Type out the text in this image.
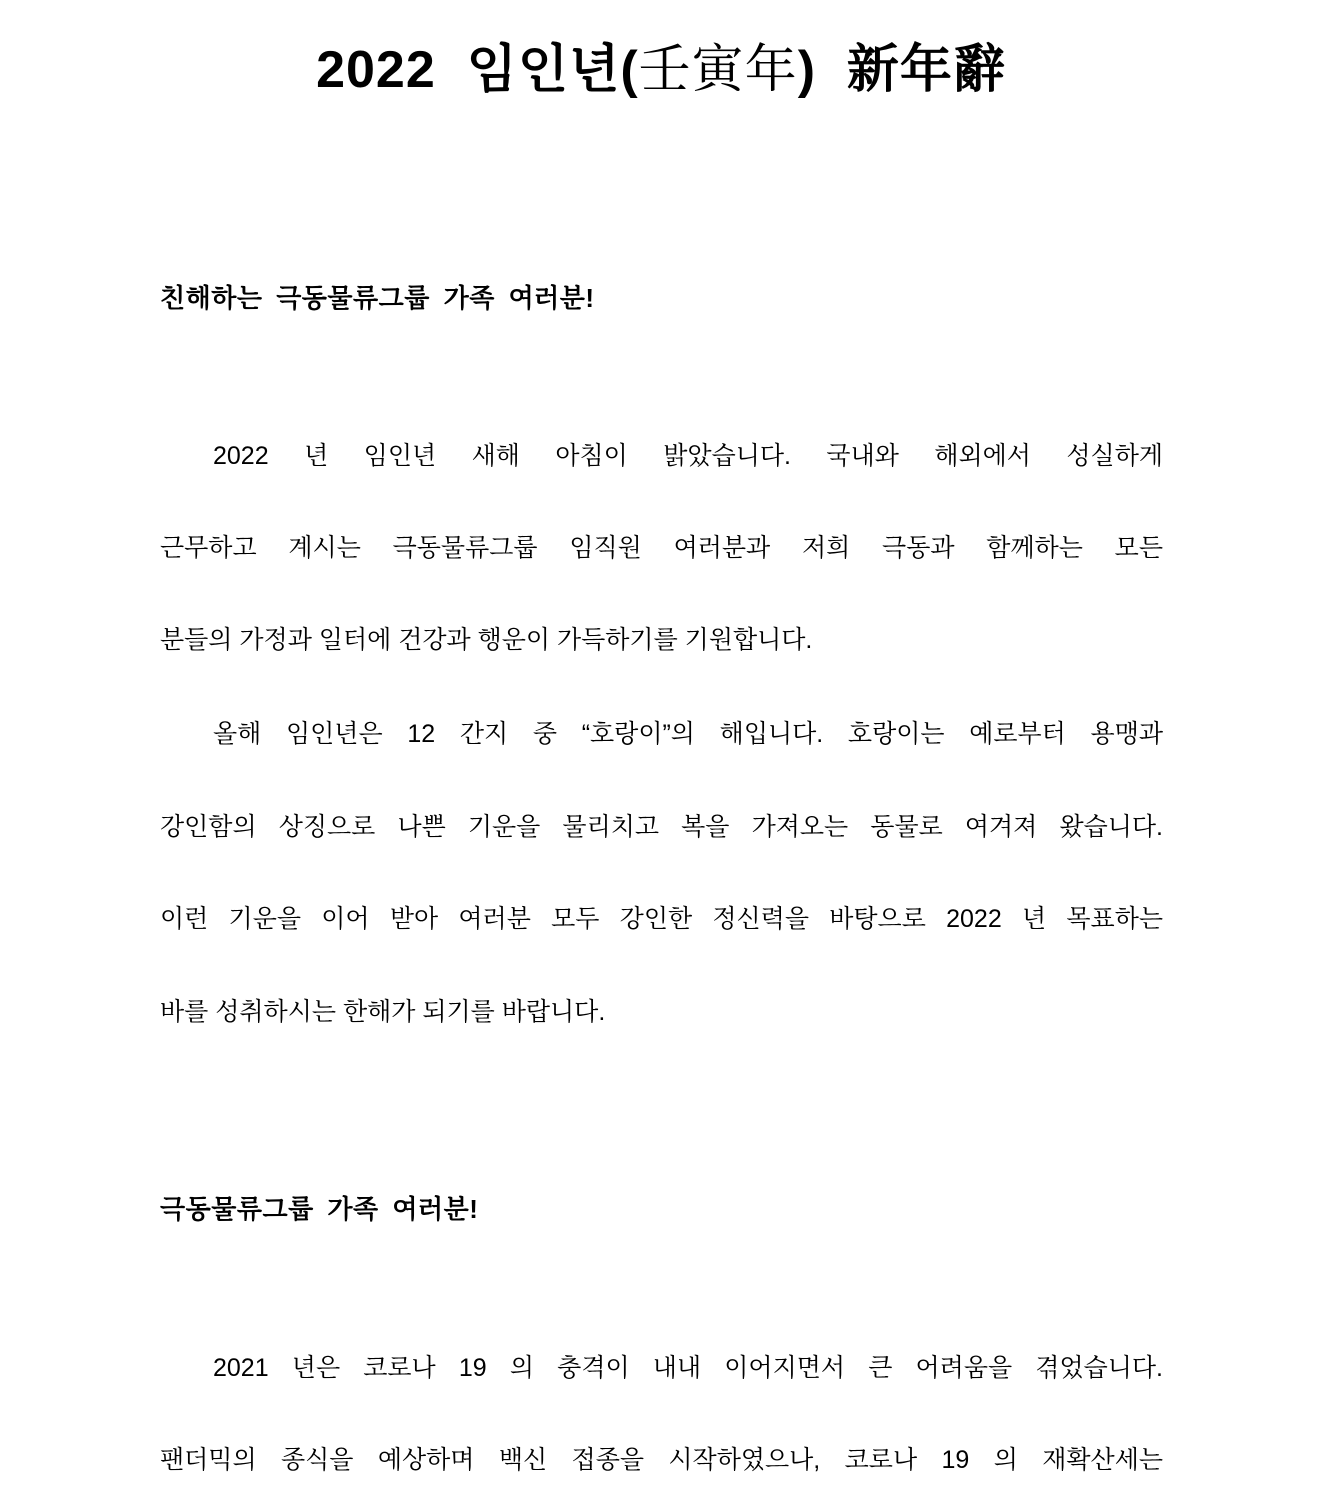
2022  임인년(壬寅年)  新年辭
친해하는 극동물류그룹 가족 여러분!
2022 년 임인년 새해 아침이 밝았습니다. 국내와 해외에서 성실하게
근무하고 계시는 극동물류그룹 임직원 여러분과 저희 극동과 함께하는 모든
분들의 가정과 일터에 건강과 행운이 가득하기를 기원합니다.
올해 임인년은 12 간지 중 “호랑이”의 해입니다. 호랑이는 예로부터 용맹과
강인함의 상징으로 나쁜 기운을 물리치고 복을 가져오는 동물로 여겨져 왔습니다.
이런 기운을 이어 받아 여러분 모두 강인한 정신력을 바탕으로 2022 년 목표하는
바를 성취하시는 한해가 되기를 바랍니다.
극동물류그룹 가족 여러분!
2021 년은 코로나 19 의 충격이 내내 이어지면서 큰 어려움을 겪었습니다.
팬더믹의 종식을 예상하며 백신 접종을 시작하였으나, 코로나 19 의 재확산세는
